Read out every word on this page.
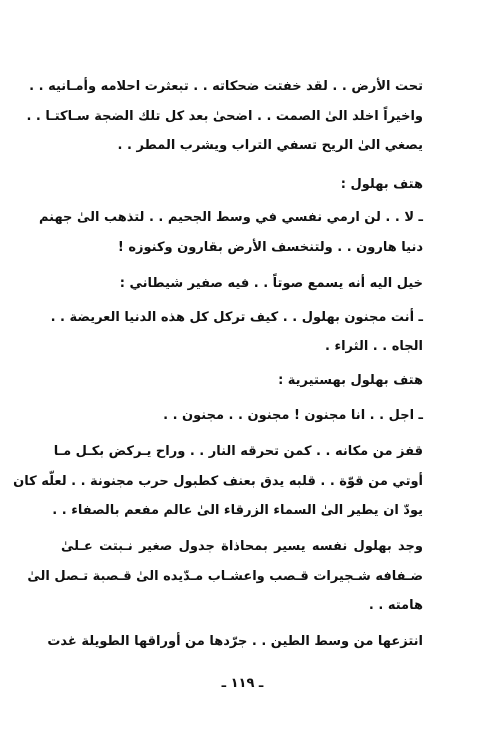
تحت الأرض . . لقد خفتت ضحكاته . . تبعثرت احلامه وأمـانيه . .
واخيراً اخلد الىٰ الصمت . . اضحىٰ بعد كل تلك الضجة سـاكتـا . .
يصغي الىٰ الريح تسفي التراب ويشرب المطر . .
هتف بهلول :
ـ لا . . لن ارمي نفسي في وسط الجحيم . . لتذهب الىٰ جهنم
دنيا هارون . . ولتنخسف الأرض بقارون وكنوزه !
خيل اليه أنه يسمع صوتاً . . فيه صفير شيطاني :
ـ أنت مجنون بهلول . . كيف تركل كل هذه الدنيا العريضة . .
الجاه . . الثراء .
هتف بهلول بهستيرية :
ـ اجل . . انا مجنون ! مجنون . . مجنون . .
قفز من مكانه . . كمن تحرقه النار . . وراح يـركض بكـل مـا
أوتي من قوّة . . قلبه يدق بعنف كطبول حرب مجنونة . . لعلّه كان
يودّ ان يطير الىٰ السماء الزرقاء الىٰ عالم مفعم بالصفاء . .
وجد بهلول نفسه يسير بمحاذاة جدول صغير نـبتت عـلىٰ
ضـفافه شـجيرات قـصب واعشـاب مـدّيده الىٰ قـصبة تـصل الىٰ
هامته . .
انتزعها من وسط الطين . . جرّدها من أوراقها الطويلة غدت
ـ ١١٩ ـ
